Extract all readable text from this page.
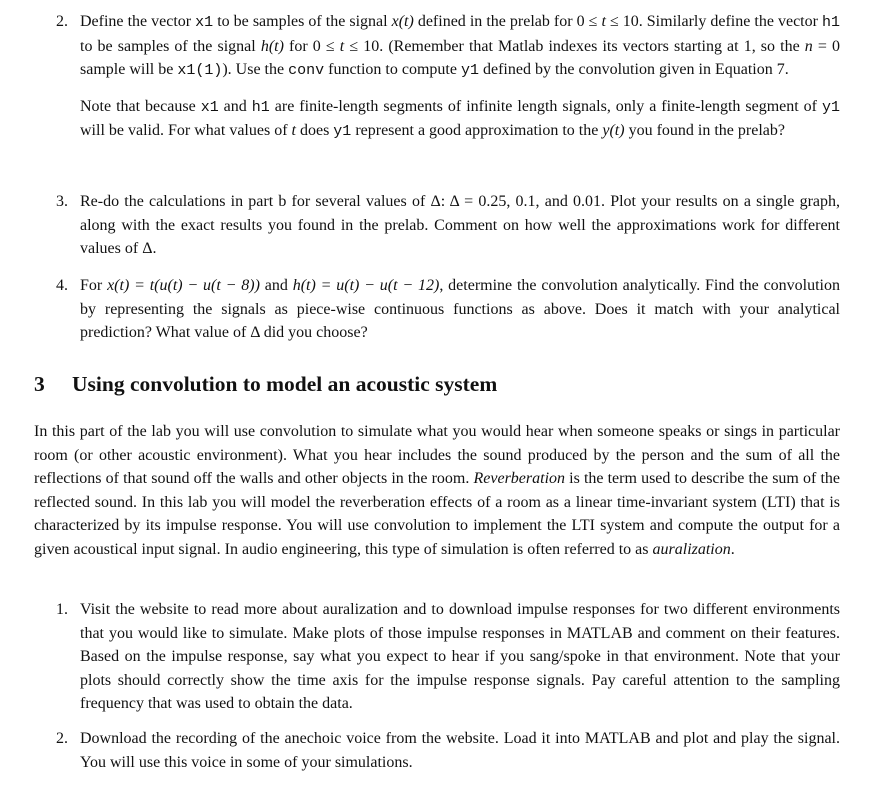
2. Define the vector x1 to be samples of the signal x(t) defined in the prelab for 0 ≤ t ≤ 10. Similarly define the vector h1 to be samples of the signal h(t) for 0 ≤ t ≤ 10. (Remember that Matlab indexes its vectors starting at 1, so the n = 0 sample will be x1(1)). Use the conv function to compute y1 defined by the convolution given in Equation 7.

Note that because x1 and h1 are finite-length segments of infinite length signals, only a finite-length segment of y1 will be valid. For what values of t does y1 represent a good approximation to the y(t) you found in the prelab?

3. Re-do the calculations in part b for several values of Δ: Δ = 0.25, 0.1, and 0.01. Plot your results on a single graph, along with the exact results you found in the prelab. Comment on how well the approximations work for different values of Δ.

4. For x(t) = t(u(t) − u(t − 8)) and h(t) = u(t) − u(t − 12), determine the convolution analytically. Find the convolution by representing the signals as piece-wise continuous functions as above. Does it match with your analytical prediction? What value of Δ did you choose?

3 Using convolution to model an acoustic system

In this part of the lab you will use convolution to simulate what you would hear when someone speaks or sings in particular room (or other acoustic environment). What you hear includes the sound produced by the person and the sum of all the reflections of that sound off the walls and other objects in the room. Reverberation is the term used to describe the sum of the reflected sound. In this lab you will model the reverberation effects of a room as a linear time-invariant system (LTI) that is characterized by its impulse response. You will use convolution to implement the LTI system and compute the output for a given acoustical input signal. In audio engineering, this type of simulation is often referred to as auralization.

1. Visit the website to read more about auralization and to download impulse responses for two different environments that you would like to simulate. Make plots of those impulse responses in MATLAB and comment on their features. Based on the impulse response, say what you expect to hear if you sang/spoke in that environment. Note that your plots should correctly show the time axis for the impulse response signals. Pay careful attention to the sampling frequency that was used to obtain the data.

2. Download the recording of the anechoic voice from the website. Load it into MATLAB and plot and play the signal. You will use this voice in some of your simulations.
